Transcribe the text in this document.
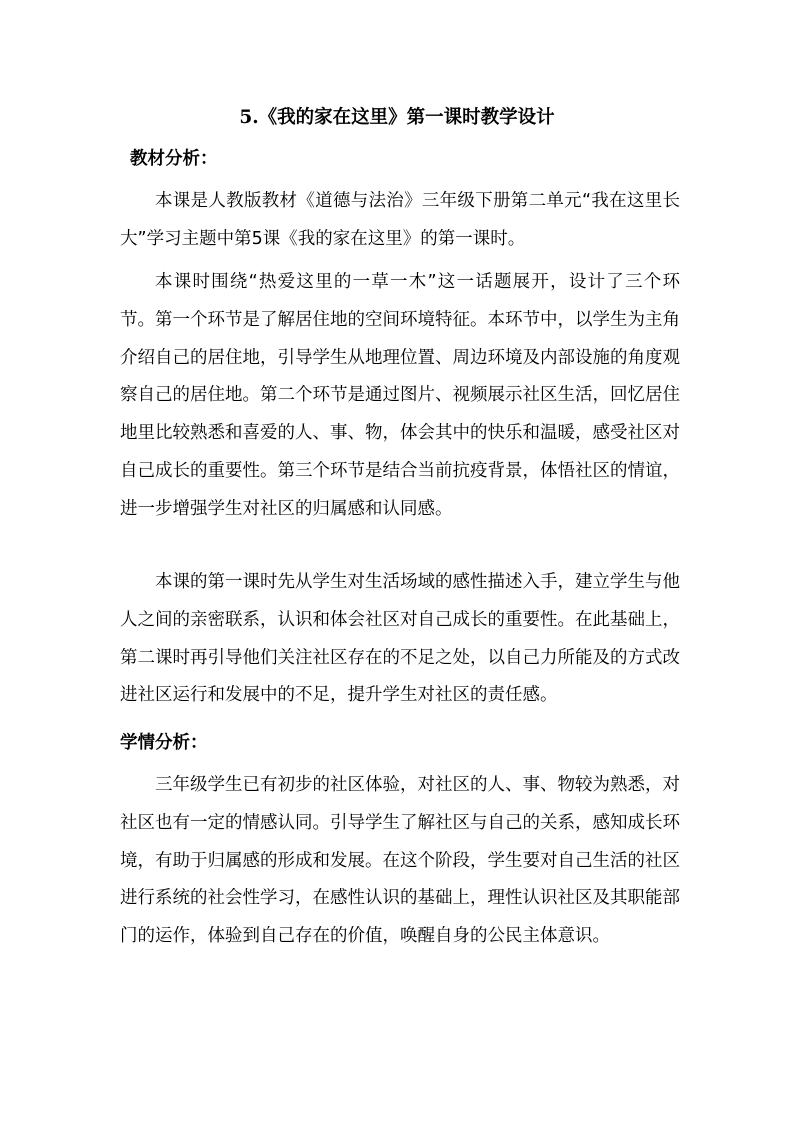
5.《我的家在这里》第一课时教学设计
教材分析：
本课是人教版教材《道德与法治》三年级下册第二单元“我在这里长大”学习主题中第5课《我的家在这里》的第一课时。
本课时围绕“热爱这里的一草一木”这一话题展开，设计了三个环节。第一个环节是了解居住地的空间环境特征。本环节中，以学生为主角介绍自己的居住地，引导学生从地理位置、周边环境及内部设施的角度观察自己的居住地。第二个环节是通过图片、视频展示社区生活，回忆居住地里比较熟悉和喜爱的人、事、物，体会其中的快乐和温暖，感受社区对自己成长的重要性。第三个环节是结合当前抗疫背景，体悟社区的情谊，进一步增强学生对社区的归属感和认同感。
本课的第一课时先从学生对生活场域的感性描述入手，建立学生与他人之间的亲密联系，认识和体会社区对自己成长的重要性。在此基础上，第二课时再引导他们关注社区存在的不足之处，以自己力所能及的方式改进社区运行和发展中的不足，提升学生对社区的责任感。
学情分析：
三年级学生已有初步的社区体验，对社区的人、事、物较为熟悉，对社区也有一定的情感认同。引导学生了解社区与自己的关系，感知成长环境，有助于归属感的形成和发展。在这个阶段，学生要对自己生活的社区进行系统的社会性学习，在感性认识的基础上，理性认识社区及其职能部门的运作，体验到自己存在的价值，唤醒自身的公民主体意识。
